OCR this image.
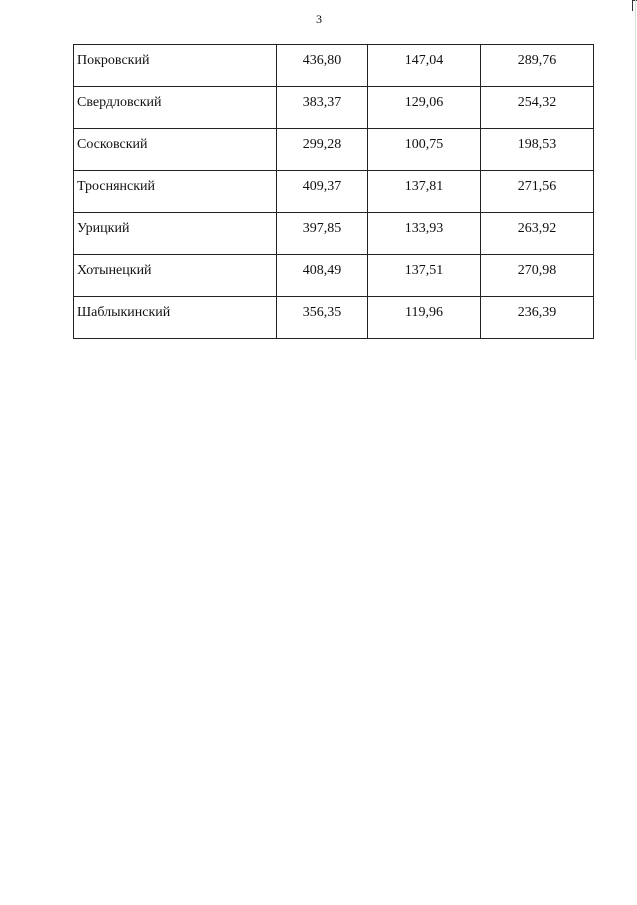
3
Покровский	436,80	147,04	289,76
Свердловский	383,37	129,06	254,32
Сосковский	299,28	100,75	198,53
Троснянский	409,37	137,81	271,56
Урицкий	397,85	133,93	263,92
Хотынецкий	408,49	137,51	270,98
Шаблыкинский	356,35	119,96	236,39
